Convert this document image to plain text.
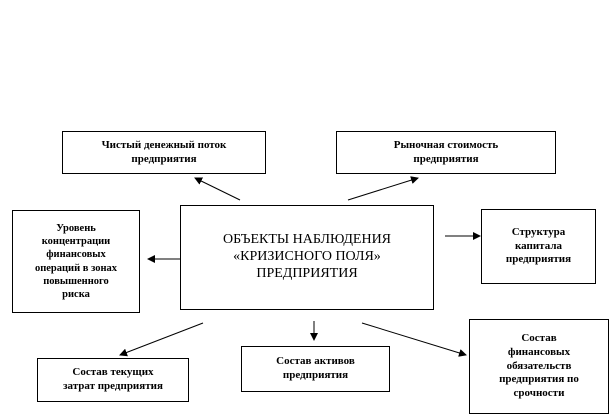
ОБЪЕКТЫ НАБЛЮДЕНИЯ
«КРИЗИСНОГО ПОЛЯ»
ПРЕДПРИЯТИЯ
Чистый денежный поток
предприятия
Рыночная стоимость
предприятия
Уровень
концентрации
финансовых
операций в зонах
повышенного
риска
Структура
капитала
предприятия
Состав текущих
затрат предприятия
Состав активов
предприятия
Состав
финансовых
обязательств
предприятия по
срочности
